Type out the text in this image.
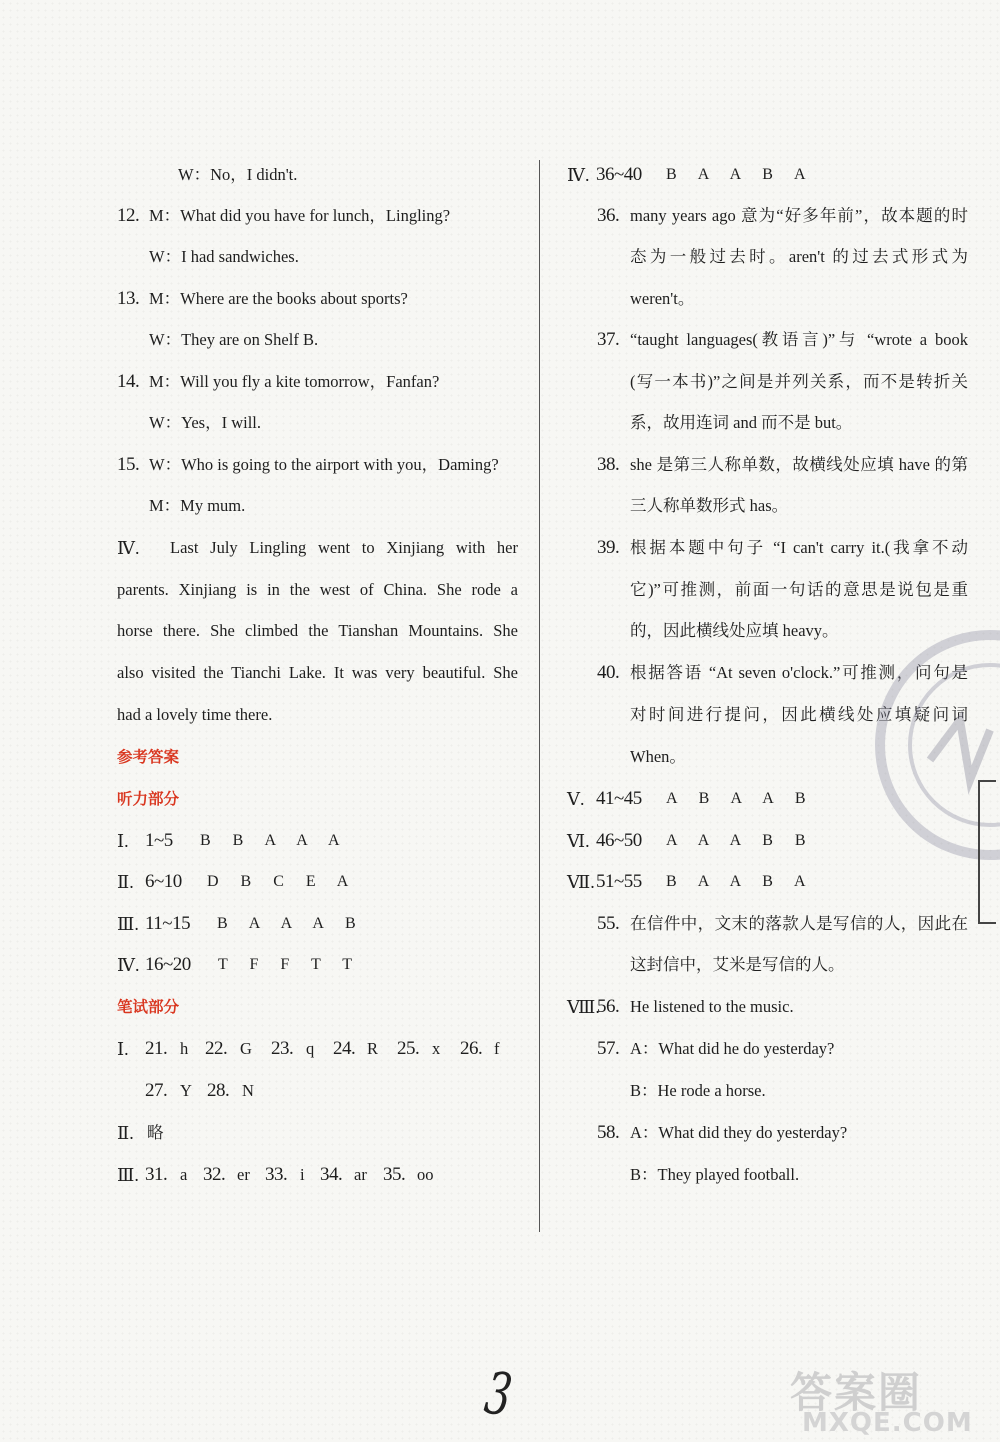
W：No，I didn't.
12. M：What did you have for lunch，Lingling?
W：I had sandwiches.
13. M：Where are the books about sports?
W：They are on Shelf B.
14. M：Will you fly a kite tomorrow，Fanfan?
W：Yes，I will.
15. W：Who is going to the airport with you，Daming?
M：My mum.
Ⅳ. Last July Lingling went to Xinjiang with her
parents. Xinjiang is in the west of China. She rode a
horse there. She climbed the Tianshan Mountains. She
also visited the Tianchi Lake. It was very beautiful. She
had a lovely time there.
参考答案
听力部分
Ⅰ. 1~5 B B A A A
Ⅱ. 6~10 D B C E A
Ⅲ. 11~15 B A A A B
Ⅳ. 16~20 T F F T T
笔试部分
Ⅰ. 21. h 22. G 23. q 24. R 25. x 26. f
27. Y 28. N
Ⅱ. 略
Ⅲ. 31. a 32. er 33. i 34. ar 35. oo
Ⅳ. 36~40 B A A B A
36. many years ago 意为“好多年前”，故本题的时
态为一般过去时。aren't 的过去式形式为
weren't。
37. “taught languages(教语言)”与 “wrote a book
(写一本书)”之间是并列关系，而不是转折关
系，故用连词 and 而不是 but。
38. she 是第三人称单数，故横线处应填 have 的第
三人称单数形式 has。
39. 根据本题中句子 “I can't carry it.(我拿不动
它)”可推测，前面一句话的意思是说包是重
的，因此横线处应填 heavy。
40. 根据答语 “At seven o'clock.”可推测，问句是
对时间进行提问，因此横线处应填疑问词
When。
Ⅴ. 41~45 A B A A B
Ⅵ. 46~50 A A A B B
Ⅶ. 51~55 B A A B A
55. 在信件中，文末的落款人是写信的人，因此在
这封信中，艾米是写信的人。
Ⅷ.
56. He listened to the music.
57. A：What did he do yesterday?
B：He rode a horse.
58. A：What did they do yesterday?
B：They played football.
3	答案圈
MXQE.COM
